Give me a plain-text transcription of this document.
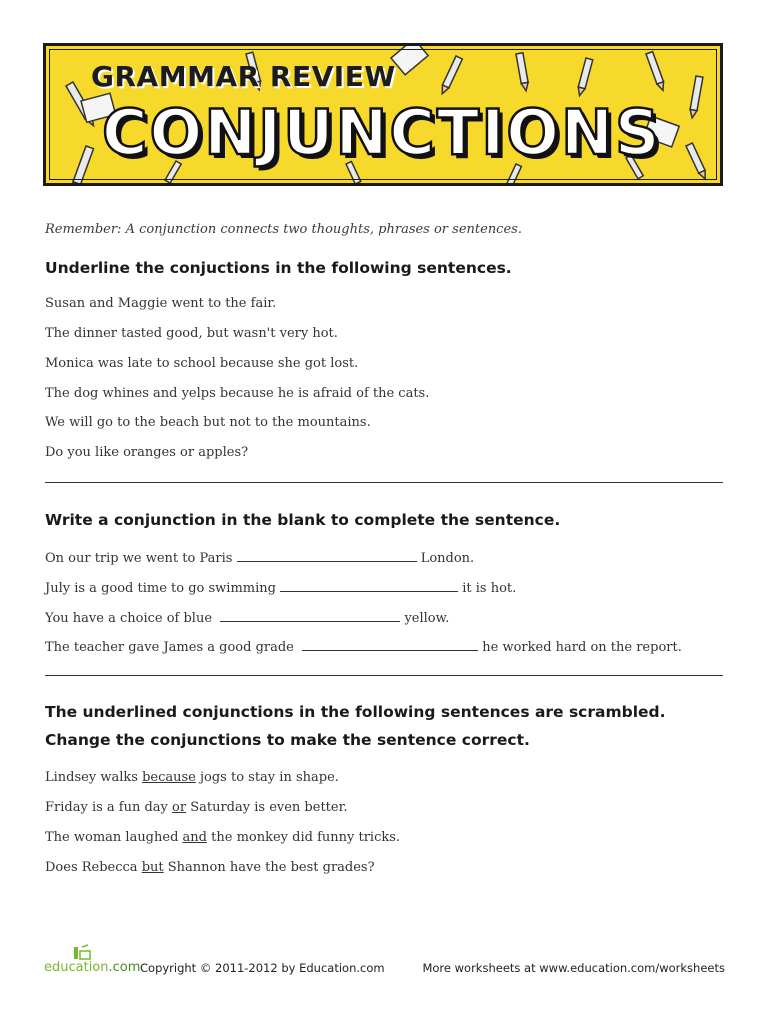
GRAMMAR REVIEW
CONJUNCTIONS
Remember: A conjunction connects two thoughts, phrases or sentences.
Underline the conjuctions in the following sentences.
Susan and Maggie went to the fair.
The dinner tasted good, but wasn't very hot.
Monica was late to school because she got lost.
The dog whines and yelps because he is afraid of the cats.
We will go to the beach but not to the mountains.
Do you like oranges or apples?
Write a conjunction in the blank to complete the sentence.
On our trip we went to Paris	London.
July is a good time to go swimming	it is hot.
You have a choice of blue	yellow.
The teacher gave James a good grade	he worked hard on the report.
The underlined conjunctions in the following sentences are scrambled. Change the conjunctions to make the sentence correct.
Lindsey walks because jogs to stay in shape.
Friday is a fun day or Saturday is even better.
The woman laughed and the monkey did funny tricks.
Does Rebecca but Shannon have the best grades?
education.com Copyright © 2011-2012 by Education.com	More worksheets at www.education.com/worksheets
